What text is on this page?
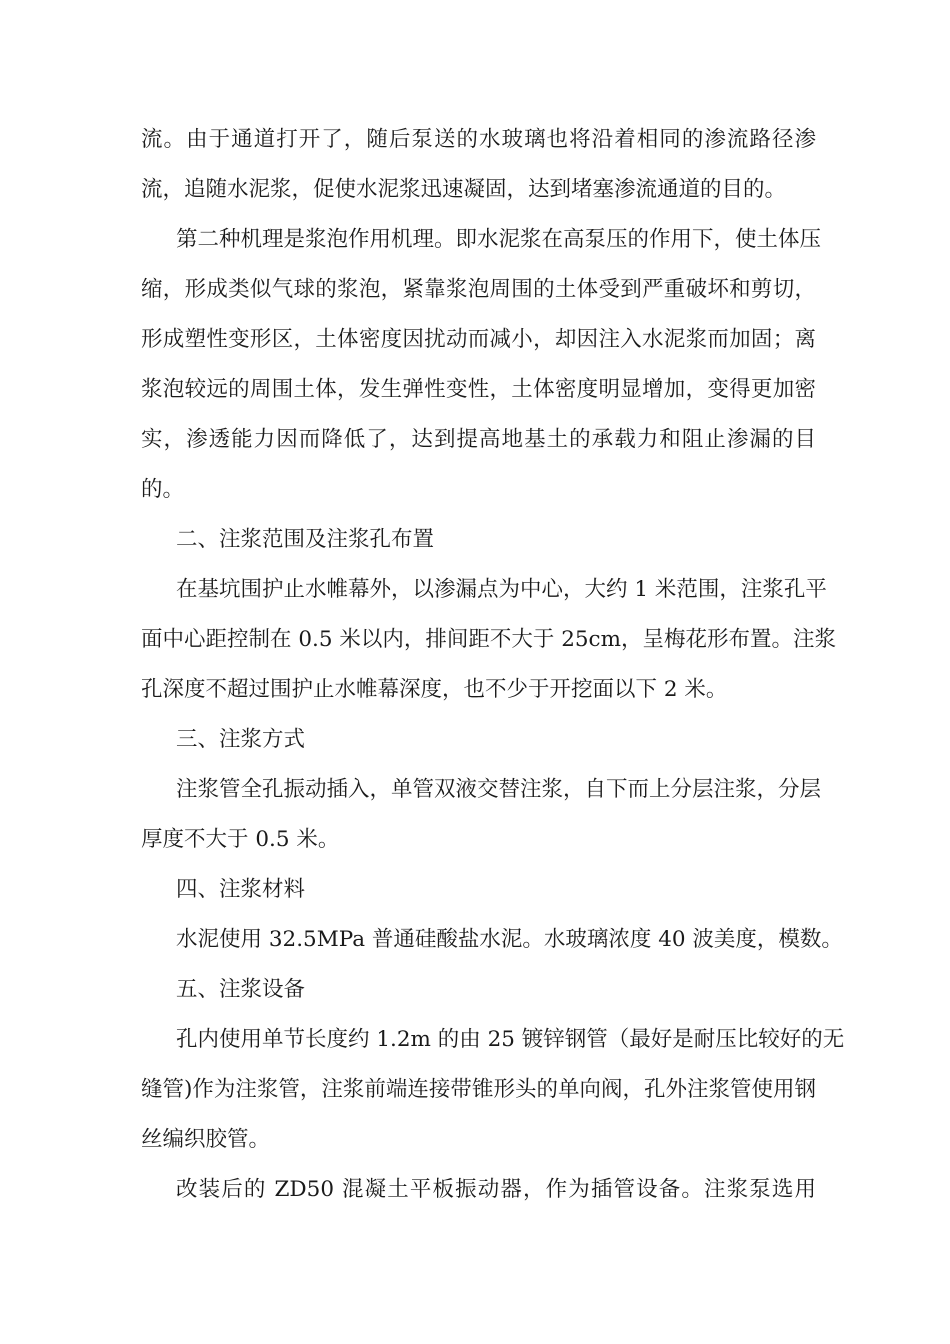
流。由于通道打开了，随后泵送的水玻璃也将沿着相同的渗流路径渗
流，追随水泥浆，促使水泥浆迅速凝固，达到堵塞渗流通道的目的。
第二种机理是浆泡作用机理。即水泥浆在高泵压的作用下，使土体压
缩，形成类似气球的浆泡，紧靠浆泡周围的土体受到严重破坏和剪切，
形成塑性变形区，土体密度因扰动而减小，却因注入水泥浆而加固；离
浆泡较远的周围土体，发生弹性变性，土体密度明显增加，变得更加密
实，渗透能力因而降低了，达到提高地基土的承载力和阻止渗漏的目
的。
二、注浆范围及注浆孔布置
在基坑围护止水帷幕外，以渗漏点为中心，大约 1 米范围，注浆孔平
面中心距控制在 0.5 米以内，排间距不大于 25cm，呈梅花形布置。注浆
孔深度不超过围护止水帷幕深度，也不少于开挖面以下 2 米。
三、注浆方式
注浆管全孔振动插入，单管双液交替注浆，自下而上分层注浆，分层
厚度不大于 0.5 米。
四、注浆材料
水泥使用 32.5MPa 普通硅酸盐水泥。水玻璃浓度 40 波美度，模数。
五、注浆设备
孔内使用单节长度约 1.2m 的由 25 镀锌钢管（最好是耐压比较好的无
缝管)作为注浆管，注浆前端连接带锥形头的单向阀，孔外注浆管使用钢
丝编织胶管。
改装后的 ZD50 混凝土平板振动器，作为插管设备。注浆泵选用
